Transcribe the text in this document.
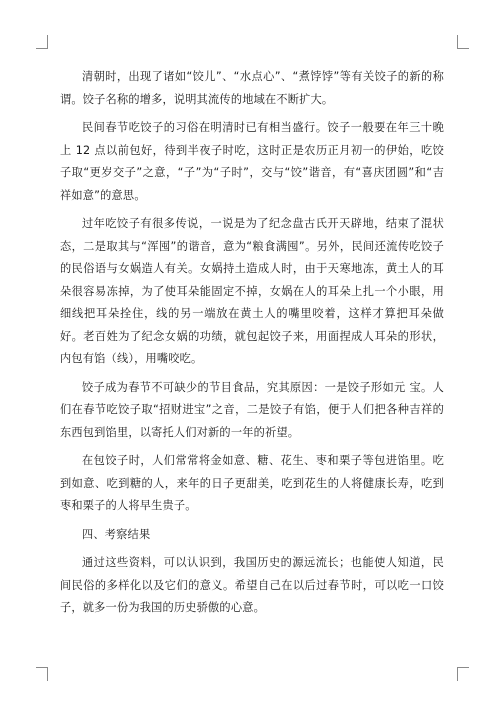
清朝时，出现了诸如“饺儿”、“水点心”、“煮饽饽”等有关饺子的新的称谓。饺子名称的增多，说明其流传的地域在不断扩大。

民间春节吃饺子的习俗在明清时已有相当盛行。饺子一般要在年三十晚上 12 点以前包好，待到半夜子时吃，这时正是农历正月初一的伊始，吃饺子取“更岁交子”之意，“子”为“子时”，交与“饺”谐音，有“喜庆团圆”和“吉祥如意”的意思。

过年吃饺子有很多传说，一说是为了纪念盘古氏开天辟地，结束了混状态，二是取其与“浑囤”的谐音，意为“粮食满囤”。另外，民间还流传吃饺子的民俗语与女娲造人有关。女娲持土造成人时，由于天寒地冻，黄土人的耳朵很容易冻掉，为了使耳朵能固定不掉，女娲在人的耳朵上扎一个小眼，用细线把耳朵拴住，线的另一端放在黄土人的嘴里咬着，这样才算把耳朵做好。老百姓为了纪念女娲的功绩，就包起饺子来，用面捏成人耳朵的形状，内包有馅（线），用嘴咬吃。

饺子成为春节不可缺少的节目食品，究其原因：一是饺子形如元 宝。人们在春节吃饺子取“招财进宝”之音，二是饺子有馅，便于人们把各种吉祥的东西包到馅里，以寄托人们对新的一年的祈望。

在包饺子时，人们常常将金如意、糖、花生、枣和栗子等包进馅里。吃到如意、吃到糖的人，来年的日子更甜美，吃到花生的人将健康长寿，吃到枣和栗子的人将早生贵子。

四、考察结果

通过这些资料，可以认识到，我国历史的源远流长；也能使人知道，民间民俗的多样化以及它们的意义。希望自己在以后过春节时，可以吃一口饺子，就多一份为我国的历史骄傲的心意。
